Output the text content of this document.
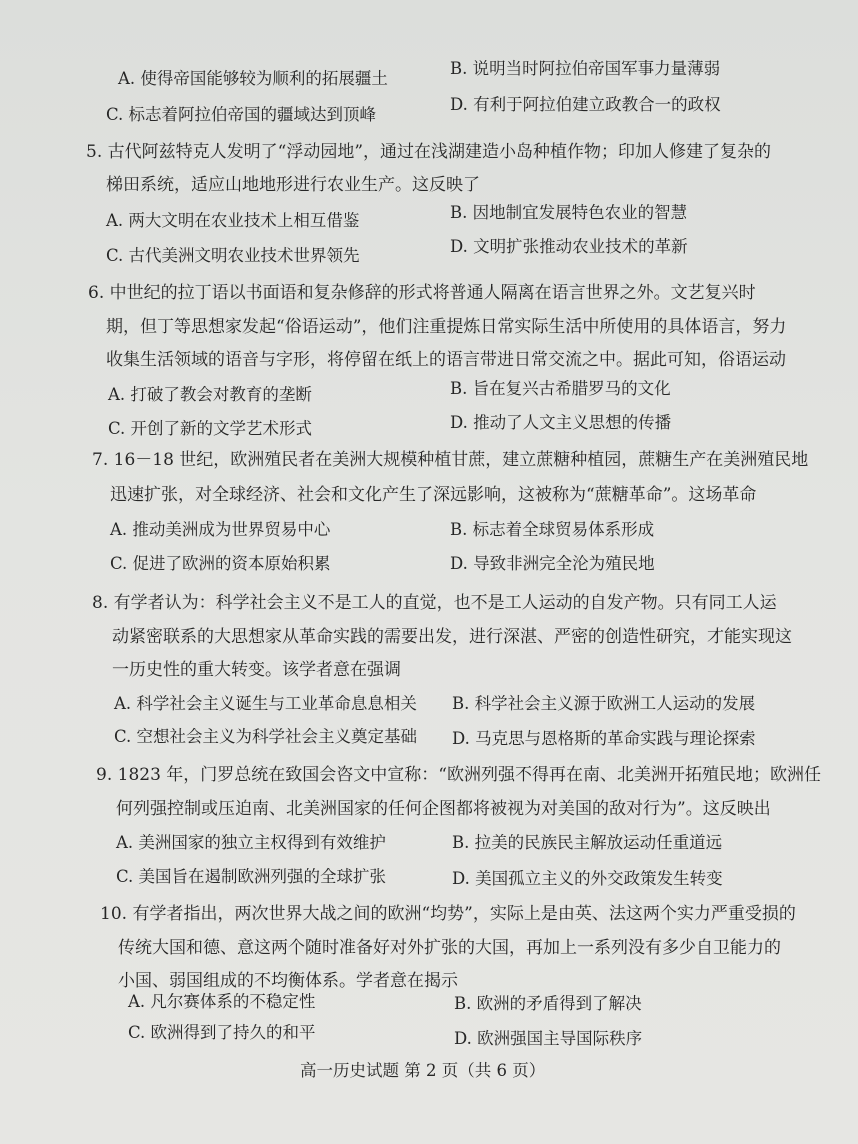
A. 使得帝国能够较为顺利的拓展疆土
B. 说明当时阿拉伯帝国军事力量薄弱
C. 标志着阿拉伯帝国的疆域达到顶峰
D. 有利于阿拉伯建立政教合一的政权
5. 古代阿兹特克人发明了“浮动园地”，通过在浅湖建造小岛种植作物；印加人修建了复杂的
梯田系统，适应山地地形进行农业生产。这反映了
A. 两大文明在农业技术上相互借鉴	B. 因地制宜发展特色农业的智慧
C. 古代美洲文明农业技术世界领先	D. 文明扩张推动农业技术的革新
6. 中世纪的拉丁语以书面语和复杂修辞的形式将普通人隔离在语言世界之外。文艺复兴时
期，但丁等思想家发起“俗语运动”，他们注重提炼日常实际生活中所使用的具体语言，努力
收集生活领域的语音与字形，将停留在纸上的语言带进日常交流之中。据此可知，俗语运动
A. 打破了教会对教育的垄断	B. 旨在复兴古希腊罗马的文化
C. 开创了新的文学艺术形式	D. 推动了人文主义思想的传播
7. 16－18 世纪，欧洲殖民者在美洲大规模种植甘蔗，建立蔗糖种植园，蔗糖生产在美洲殖民地
迅速扩张，对全球经济、社会和文化产生了深远影响，这被称为“蔗糖革命”。这场革命
A. 推动美洲成为世界贸易中心	B. 标志着全球贸易体系形成
C. 促进了欧洲的资本原始积累	D. 导致非洲完全沦为殖民地
8. 有学者认为：科学社会主义不是工人的直觉，也不是工人运动的自发产物。只有同工人运
动紧密联系的大思想家从革命实践的需要出发，进行深湛、严密的创造性研究，才能实现这
一历史性的重大转变。该学者意在强调
A. 科学社会主义诞生与工业革命息息相关 B. 科学社会主义源于欧洲工人运动的发展
C. 空想社会主义为科学社会主义奠定基础 D. 马克思与恩格斯的革命实践与理论探索
9. 1823 年，门罗总统在致国会咨文中宣称：“欧洲列强不得再在南、北美洲开拓殖民地；欧洲任
何列强控制或压迫南、北美洲国家的任何企图都将被视为对美国的敌对行为”。这反映出
A. 美洲国家的独立主权得到有效维护	B. 拉美的民族民主解放运动任重道远
C. 美国旨在遏制欧洲列强的全球扩张	D. 美国孤立主义的外交政策发生转变
10. 有学者指出，两次世界大战之间的欧洲“均势”，实际上是由英、法这两个实力严重受损的
传统大国和德、意这两个随时准备好对外扩张的大国，再加上一系列没有多少自卫能力的
小国、弱国组成的不均衡体系。学者意在揭示
A. 凡尔赛体系的不稳定性	B. 欧洲的矛盾得到了解决
C. 欧洲得到了持久的和平	D. 欧洲强国主导国际秩序
高一历史试题 第 2 页（共 6 页）
